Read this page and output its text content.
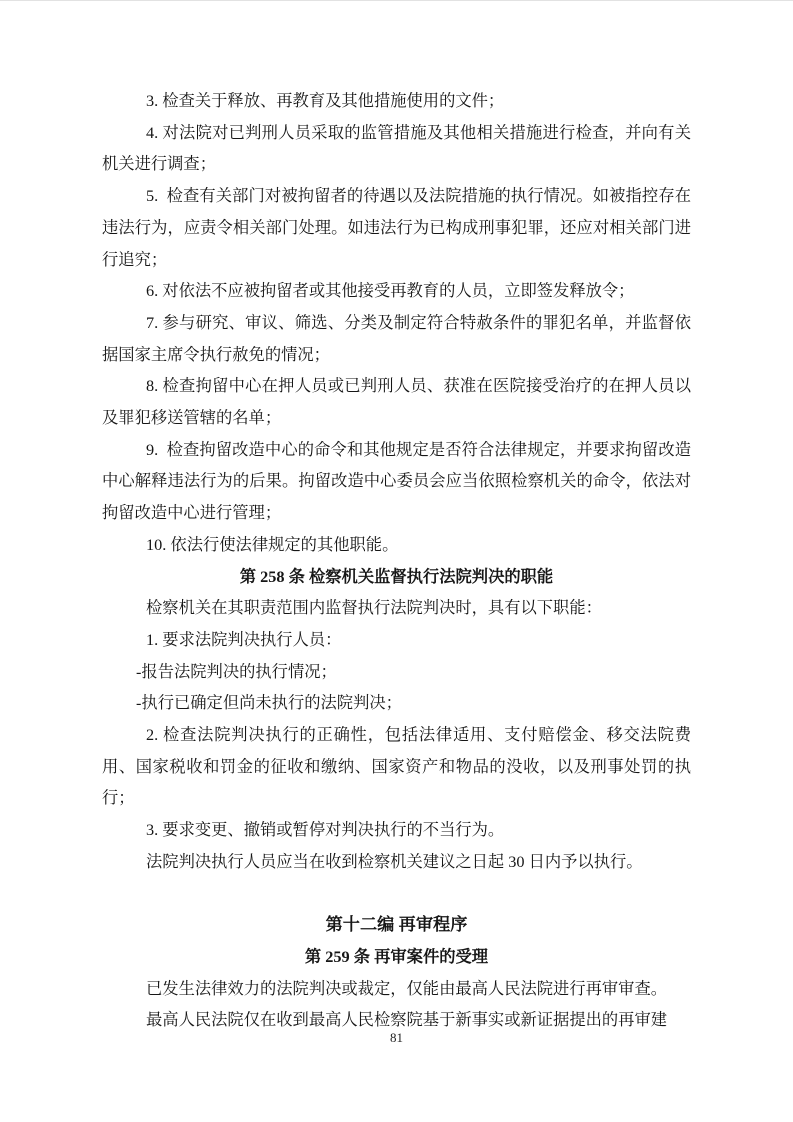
3. 检查关于释放、再教育及其他措施使用的文件；

4. 对法院对已判刑人员采取的监管措施及其他相关措施进行检查，并向有关机关进行调查；

5.  检查有关部门对被拘留者的待遇以及法院措施的执行情况。如被指控存在违法行为，应责令相关部门处理。如违法行为已构成刑事犯罪，还应对相关部门进行追究；

6. 对依法不应被拘留者或其他接受再教育的人员，立即签发释放令；

7. 参与研究、审议、筛选、分类及制定符合特赦条件的罪犯名单，并监督依据国家主席令执行赦免的情况；

8. 检查拘留中心在押人员或已判刑人员、获准在医院接受治疗的在押人员以及罪犯移送管辖的名单；

9.  检查拘留改造中心的命令和其他规定是否符合法律规定，并要求拘留改造中心解释违法行为的后果。拘留改造中心委员会应当依照检察机关的命令，依法对拘留改造中心进行管理；

10. 依法行使法律规定的其他职能。

第 258 条 检察机关监督执行法院判决的职能

检察机关在其职责范围内监督执行法院判决时，具有以下职能：

1. 要求法院判决执行人员：

-报告法院判决的执行情况；

-执行已确定但尚未执行的法院判决；

2. 检查法院判决执行的正确性，包括法律适用、支付赔偿金、移交法院费用、国家税收和罚金的征收和缴纳、国家资产和物品的没收，以及刑事处罚的执行；

3. 要求变更、撤销或暂停对判决执行的不当行为。

法院判决执行人员应当在收到检察机关建议之日起 30 日内予以执行。

第十二编 再审程序

第 259 条 再审案件的受理

已发生法律效力的法院判决或裁定，仅能由最高人民法院进行再审审查。

最高人民法院仅在收到最高人民检察院基于新事实或新证据提出的再审建

81
